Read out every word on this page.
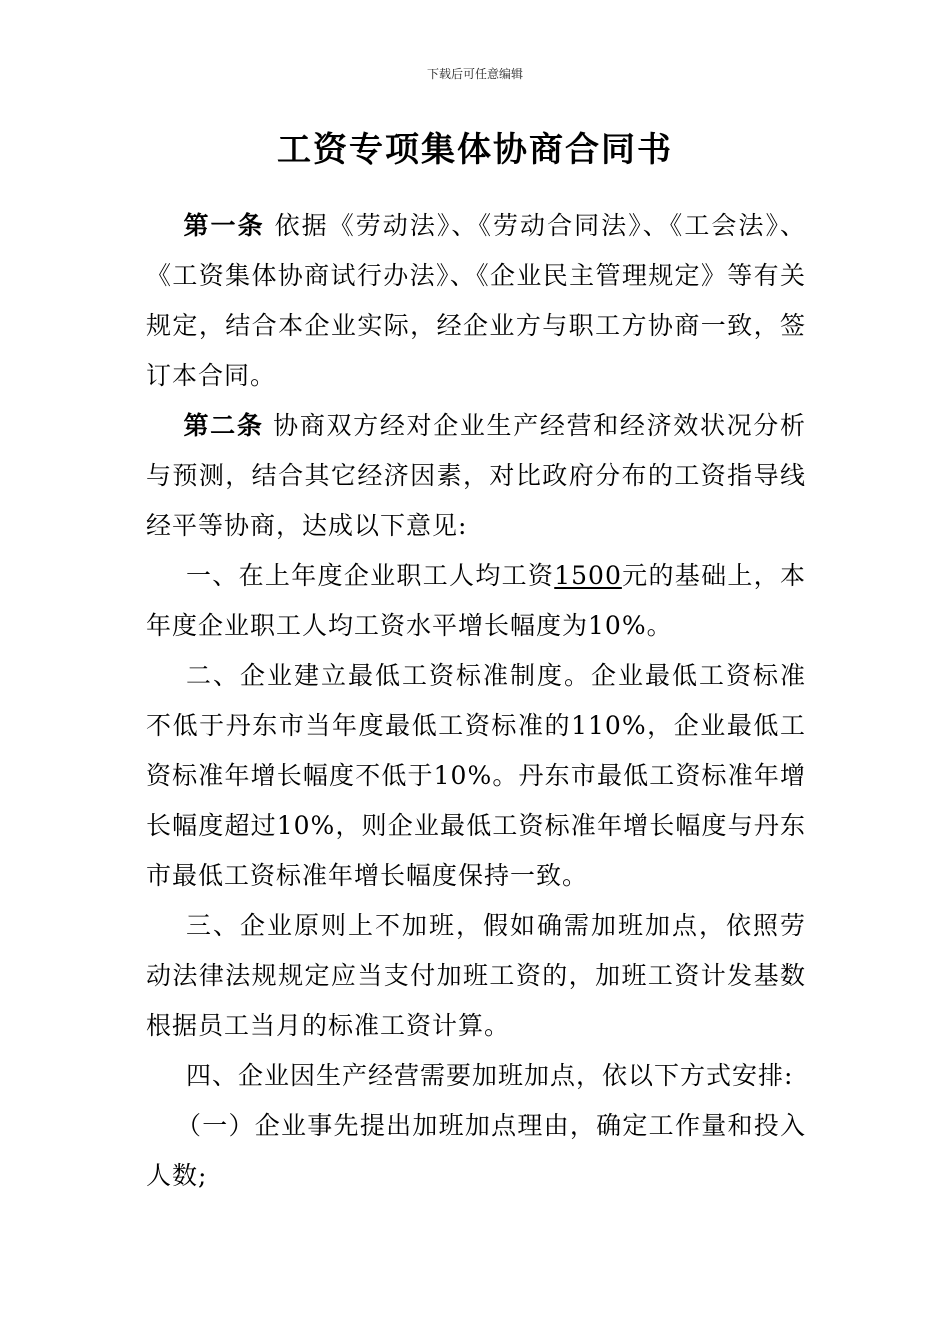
下载后可任意编辑
工资专项集体协商合同书

第一条 依据《劳动法》、《劳动合同法》、《工会法》、《工资集体协商试行办法》、《企业民主管理规定》等有关规定，结合本企业实际，经企业方与职工方协商一致，签订本合同。

第二条 协商双方经对企业生产经营和经济效状况分析与预测，结合其它经济因素，对比政府分布的工资指导线经平等协商，达成以下意见:

一、在上年度企业职工人均工资1500元的基础上，本年度企业职工人均工资水平增长幅度为10%。

二、企业建立最低工资标准制度。企业最低工资标准不低于丹东市当年度最低工资标准的110%，企业最低工资标准年增长幅度不低于10%。丹东市最低工资标准年增长幅度超过10%，则企业最低工资标准年增长幅度与丹东市最低工资标准年增长幅度保持一致。

三、企业原则上不加班，假如确需加班加点，依照劳动法律法规规定应当支付加班工资的，加班工资计发基数根据员工当月的标准工资计算。

四、企业因生产经营需要加班加点，依以下方式安排:

（一）企业事先提出加班加点理由，确定工作量和投入人数;
